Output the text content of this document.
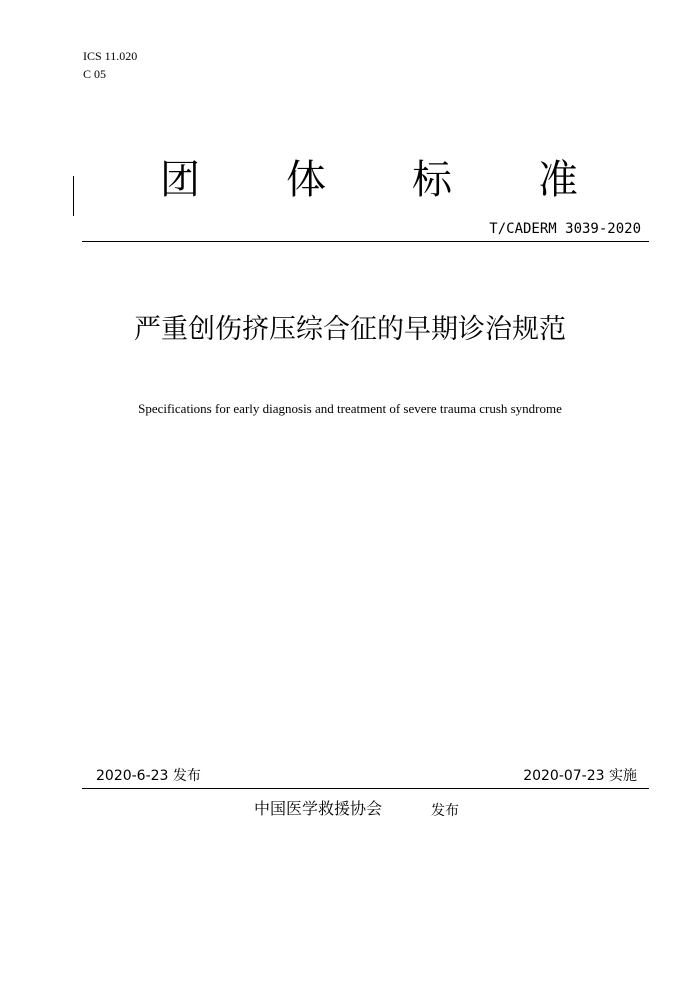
ICS 11.020
C 05
团 体 标 准
T/CADERM 3039-2020
严重创伤挤压综合征的早期诊治规范
Specifications for early diagnosis and treatment of severe trauma crush syndrome
2020-6-23 发布	2020-07-23 实施
中国医学救援协会	发布
